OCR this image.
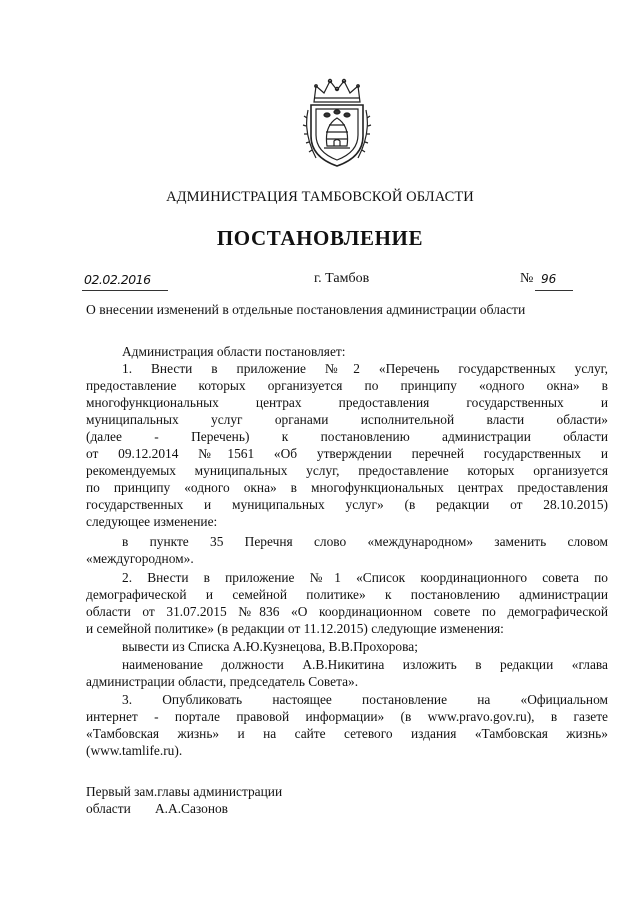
АДМИНИСТРАЦИЯ ТАМБОВСКОЙ ОБЛАСТИ
ПОСТАНОВЛЕНИЕ
02.02.2016	г. Тамбов	№ 96
О внесении изменений в отдельные постановления администрации области
Администрация области постановляет:
1. Внести в приложение №2 «Перечень государственных услуг,
предоставление которых организуется по принципу «одного окна» в
многофункциональных центрах предоставления государственных и
муниципальных услуг органами исполнительной власти области»
(далее - Перечень) к постановлению администрации области
от 09.12.2014 №1561 «Об утверждении перечней государственных и
рекомендуемых муниципальных услуг, предоставление которых организуется
по принципу «одного окна» в многофункциональных центрах предоставления
государственных и муниципальных услуг» (в редакции от 28.10.2015)
следующее изменение:
в пункте 35 Перечня слово «международном» заменить словом
«междугородном».
2. Внести в приложение №1 «Список координационного совета по
демографической и семейной политике» к постановлению администрации
области от 31.07.2015 №836 «О координационном совете по демографической
и семейной политике» (в редакции от 11.12.2015) следующие изменения:
вывести из Списка А.Ю.Кузнецова, В.В.Прохорова;
наименование должности А.В.Никитина изложить в редакции «глава
администрации области, председатель Совета».
3. Опубликовать настоящее постановление на «Официальном
интернет - портале правовой информации» (в www.pravo.gov.ru), в газете
«Тамбовская жизнь» и на сайте сетевого издания «Тамбовская жизнь»
(www.tamlife.ru).
Первый зам.главы администрации
области А.А.Сазонов
